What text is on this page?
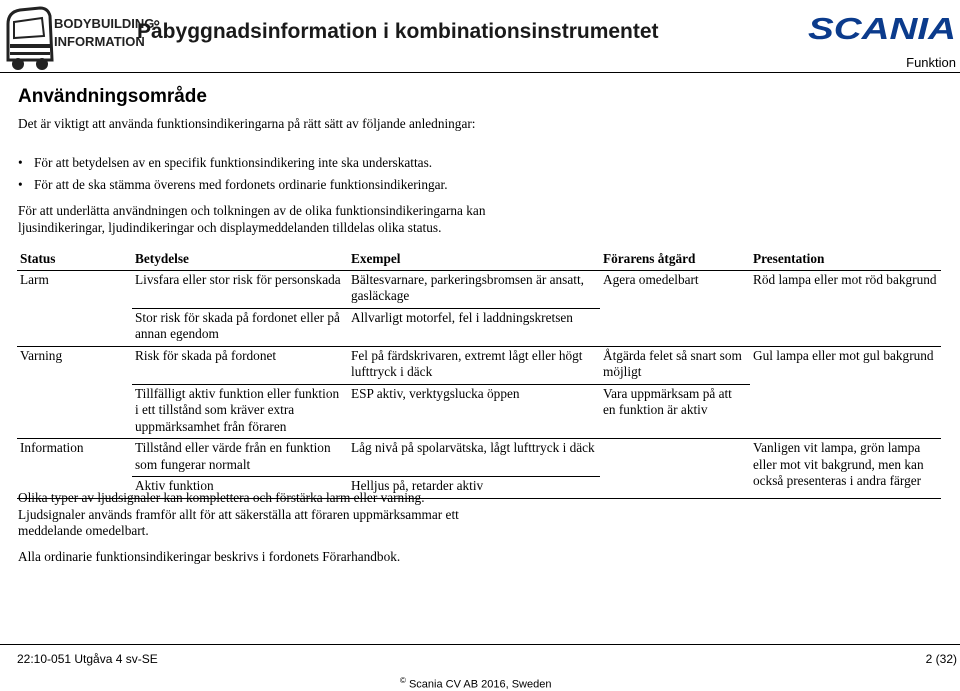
BODYBUILDING
INFORMATION
Påbyggnadsinformation i kombinationsinstrumentet	SCANIA
Funktion
Användningsområde
Det är viktigt att använda funktionsindikeringarna på rätt sätt av följande anledningar:
• För att betydelsen av en specifik funktionsindikering inte ska underskattas.
• För att de ska stämma överens med fordonets ordinarie funktionsindikeringar.
För att underlätta användningen och tolkningen av de olika funktionsindikeringarna kan ljusindikeringar, ljudindikeringar och displaymeddelanden tilldelas olika status.
Status	Betydelse	Exempel	Förarens åtgärd	Presentation
Larm	Livsfara eller stor risk för personskada	Bältesvarnare, parkeringsbromsen är ansatt, gasläckage	Agera omedelbart	Röd lampa eller mot röd bakgrund
	Stor risk för skada på fordonet eller på annan egendom	Allvarligt motorfel, fel i laddningskretsen		
Varning	Risk för skada på fordonet	Fel på färdskrivaren, extremt lågt eller högt lufttryck i däck	Åtgärda felet så snart som möjligt	Gul lampa eller mot gul bakgrund
	Tillfälligt aktiv funktion eller funktion i ett tillstånd som kräver extra uppmärksamhet från föraren	ESP aktiv, verktygslucka öppen	Vara uppmärksam på att en funktion är aktiv	
Information	Tillstånd eller värde från en funktion som fungerar normalt	Låg nivå på spolarvätska, lågt lufttryck i däck		Vanligen vit lampa, grön lampa eller mot vit bakgrund, men kan också presenteras i andra färger
	Aktiv funktion	Helljus på, retarder aktiv		
Olika typer av ljudsignaler kan komplettera och förstärka larm eller varning. Ljudsignaler används framför allt för att säkerställa att föraren uppmärksammar ett meddelande omedelbart.
Alla ordinarie funktionsindikeringar beskrivs i fordonets Förarhandbok.
22:10-051 Utgåva 4 sv-SE	2 (32)
© Scania CV AB 2016, Sweden
